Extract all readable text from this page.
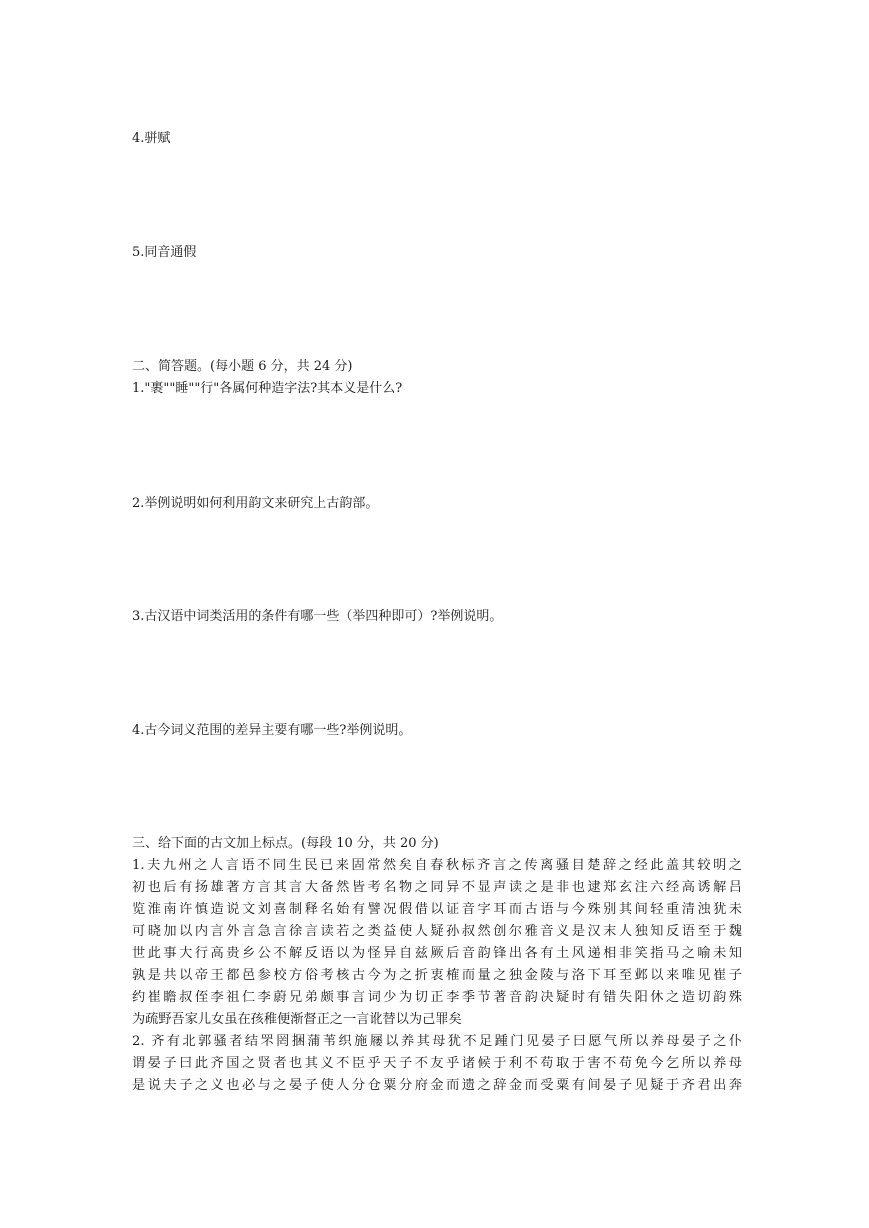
4.骈赋

5.同音通假

二、简答题。(每小题 6 分，共 24 分)

1."裹""睡""行"各属何种造字法?其本义是什么?

2.举例说明如何利用韵文来研究上古韵部。

3.古汉语中词类活用的条件有哪一些（举四种即可）?举例说明。

4.古今词义范围的差异主要有哪一些?举例说明。

三、给下面的古文加上标点。(每段 10 分，共 20 分)

1.夫九州之人言语不同生民已来固常然矣自春秋标齐言之传离骚目楚辞之经此盖其较明之
初也后有扬雄著方言其言大备然皆考名物之同异不显声读之是非也逮郑玄注六经高诱解吕
览淮南许慎造说文刘喜制释名始有譬况假借以证音字耳而古语与今殊别其间轻重清浊犹未
可晓加以内言外言急言徐言读若之类益使人疑孙叔然创尔雅音义是汉末人独知反语至于魏
世此事大行高贵乡公不解反语以为怪异自兹厥后音韵锋出各有土风递相非笑指马之喻未知
孰是共以帝王都邑参校方俗考核古今为之折衷榷而量之独金陵与洛下耳至邺以来唯见崔子
约崔瞻叔侄李祖仁李蔚兄弟颇事言词少为切正李季节著音韵决疑时有错失阳休之造切韵殊
为疏野吾家儿女虽在孩稚便渐督正之一言讹替以为己罪矣
2. 齐有北郭骚者结罘罔捆蒲苇织施屦以养其母犹不足踵门见晏子曰愿气所以养母晏子之仆
谓晏子曰此齐国之贤者也其义不臣乎天子不友乎诸候于利不苟取于害不苟免今乞所以养母
是说夫子之义也必与之晏子使人分仓粟分府金而遗之辞金而受粟有间晏子见疑于齐君出奔
